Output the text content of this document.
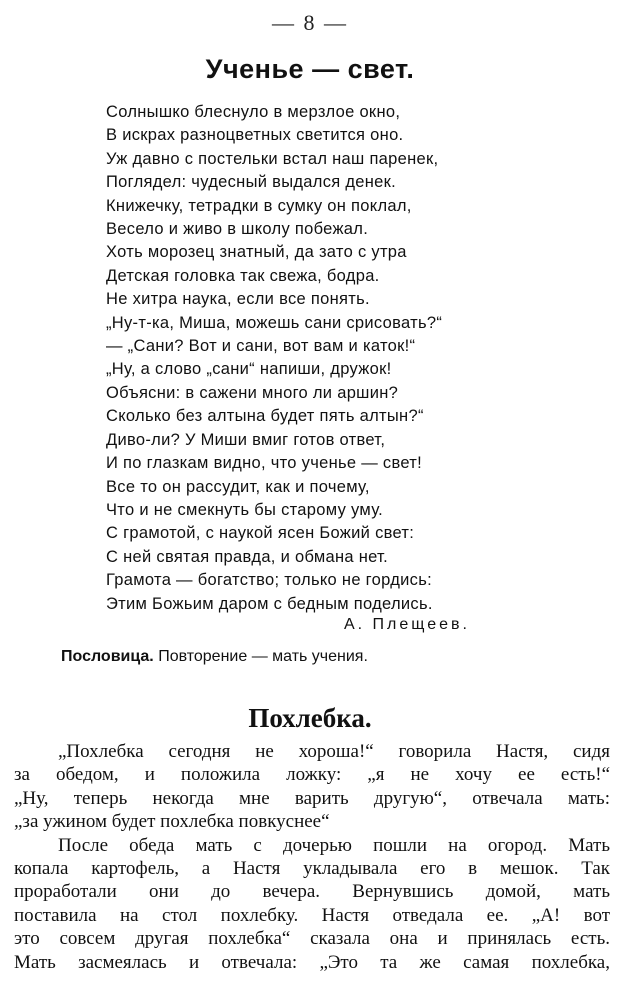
— 8 —
Ученье — свет.
Солнышко блеснуло в мерзлое окно,
В искрах разноцветных светится оно.
Уж давно с постельки встал наш паренек,
Поглядел: чудесный выдался денек.
Книжечку, тетрадки в сумку он поклал,
Весело и живо в школу побежал.
Хоть морозец знатный, да зато с утра
Детская головка так свежа, бодра.
Не хитра наука, если все понять.
„Ну-т-ка, Миша, можешь сани срисовать?“
— „Сани? Вот и сани, вот вам и каток!“
„Ну, а слово „сани“ напиши, дружок!
Объясни: в сажени много ли аршин?
Сколько без алтына будет пять алтын?“
Диво-ли? У Миши вмиг готов ответ,
И по глазкам видно, что ученье — свет!
Все то он рассудит, как и почему,
Что и не смекнуть бы старому уму.
С грамотой, с наукой ясен Божий свет:
С ней святая правда, и обмана нет.
Грамота — богатство; только не гордись:
Этим Божьим даром с бедным поделись.
А. Плещеев.
Пословица. Повторение — мать учения.
Похлебка.
„Похлебка сегодня не хороша!“ говорила Настя, сидя
за обедом, и положила ложку: „я не хочу ее есть!“
„Ну, теперь некогда мне варить другую“, отвечала мать:
„за ужином будет похлебка повкуснее“
После обеда мать с дочерью пошли на огород. Мать
копала картофель, а Настя укладывала его в мешок. Так
проработали они до вечера. Вернувшись домой, мать
поставила на стол похлебку. Настя отведала ее. „А! вот
это совсем другая похлебка“ сказала она и принялась есть.
Мать засмеялась и отвечала: „Это та же самая похлебка,
